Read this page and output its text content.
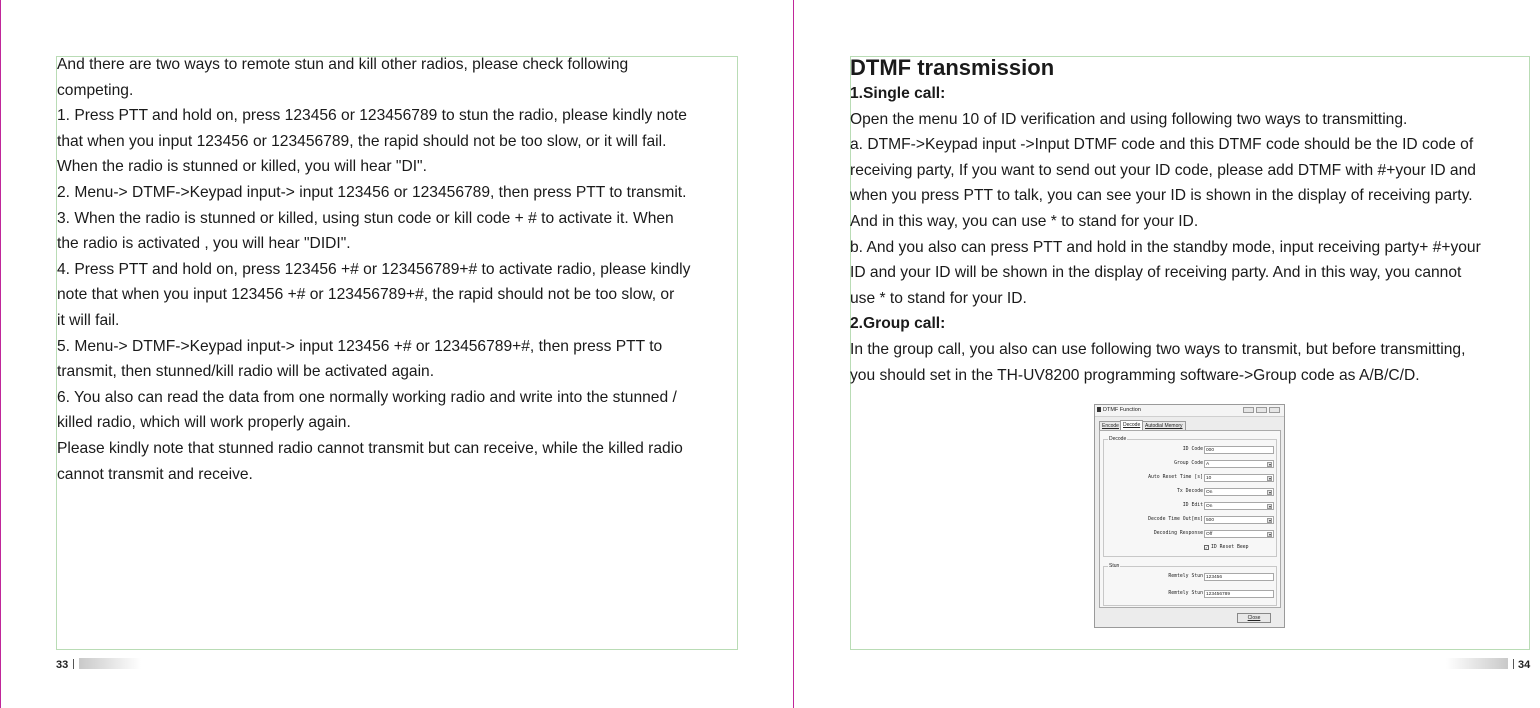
And there are two ways to remote stun and kill other radios, please check following

competing.

1. Press PTT and hold on, press 123456 or 123456789 to stun the radio, please kindly note

that when you input 123456 or 123456789, the rapid should not be too slow, or it will fail.

When the radio is stunned or killed, you will hear "DI".

2. Menu-> DTMF->Keypad input-> input 123456 or 123456789, then press PTT to transmit.

3. When the radio is stunned or killed, using stun code or kill code + # to activate it. When

the radio is activated , you will hear "DIDI".

4. Press PTT and hold on, press 123456 +# or 123456789+# to activate radio, please kindly

note that when you input 123456 +# or 123456789+#, the rapid should not be too slow, or

it will fail.

5. Menu-> DTMF->Keypad input-> input 123456 +# or 123456789+#, then press PTT to

transmit, then stunned/kill radio will be activated again.

6. You also can read the data from one normally working radio and write into the stunned /

killed radio, which will work properly again.

Please kindly note that stunned radio cannot transmit but can receive, while the killed radio

cannot transmit and receive.

33

DTMF transmission

1.Single call:

Open the menu 10 of ID verification and using following two ways to transmitting.

a. DTMF->Keypad input ->Input DTMF code and this DTMF code should be the ID code of

receiving party, If you want to send out your ID code, please add DTMF with #+your ID and

when you press PTT to talk, you can see your ID is shown in the display of receiving party.

And in this way, you can use * to stand for your ID.

b. And you also can press PTT and hold in the standby mode, input receiving party+ #+your

ID and your ID will be shown in the display of receiving party. And in this way, you cannot

use * to stand for your ID.

2.Group call:

In the group call, you also can use following two ways to transmit, but before transmitting,

you should set in the TH-UV8200 programming software->Group code as A/B/C/D.

34
DTMF Function
Encode Decode Autodial Memory
Decode
ID Code 000
Group Code A
Auto Reset Time [s] 10
Tx Decode On
ID Edit On
Decode Time Out[ms] 500
Decoding Response Off
✓ ID Reset Beep
Stun
Remtely Stun 123456
Remtely Stun 123456789
Close
